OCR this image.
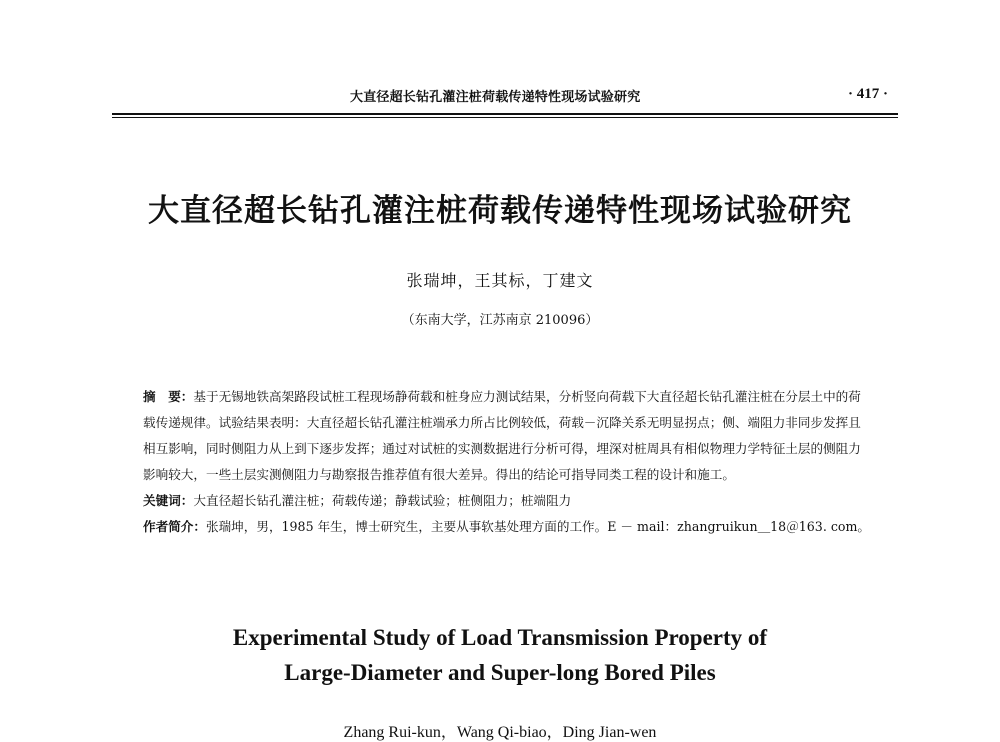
大直径超长钻孔灌注桩荷载传递特性现场试验研究	· 417 ·
大直径超长钻孔灌注桩荷载传递特性现场试验研究
张瑞坤，王其标，丁建文
（东南大学，江苏南京 210096）

摘　要：基于无锡地铁高架路段试桩工程现场静荷载和桩身应力测试结果，分析竖向荷载下大直径超长钻孔灌注桩在分层土中的荷载传递规律。试验结果表明：大直径超长钻孔灌注桩端承力所占比例较低，荷载－沉降关系无明显拐点；侧、端阻力非同步发挥且相互影响，同时侧阻力从上到下逐步发挥；通过对试桩的实测数据进行分析可得，埋深对桩周具有相似物理力学特征土层的侧阻力影响较大，一些土层实测侧阻力与勘察报告推荐值有很大差异。得出的结论可指导同类工程的设计和施工。

关键词：大直径超长钻孔灌注桩；荷载传递；静载试验；桩侧阻力；桩端阻力

作者简介：张瑞坤，男，1985 年生，博士研究生，主要从事软基处理方面的工作。E － mail：zhangruikun＿18＠163. com。

Experimental Study of Load Transmission Property of
Large-Diameter and Super-long Bored Piles
Zhang Rui-kun，Wang Qi-biao，Ding Jian-wen
